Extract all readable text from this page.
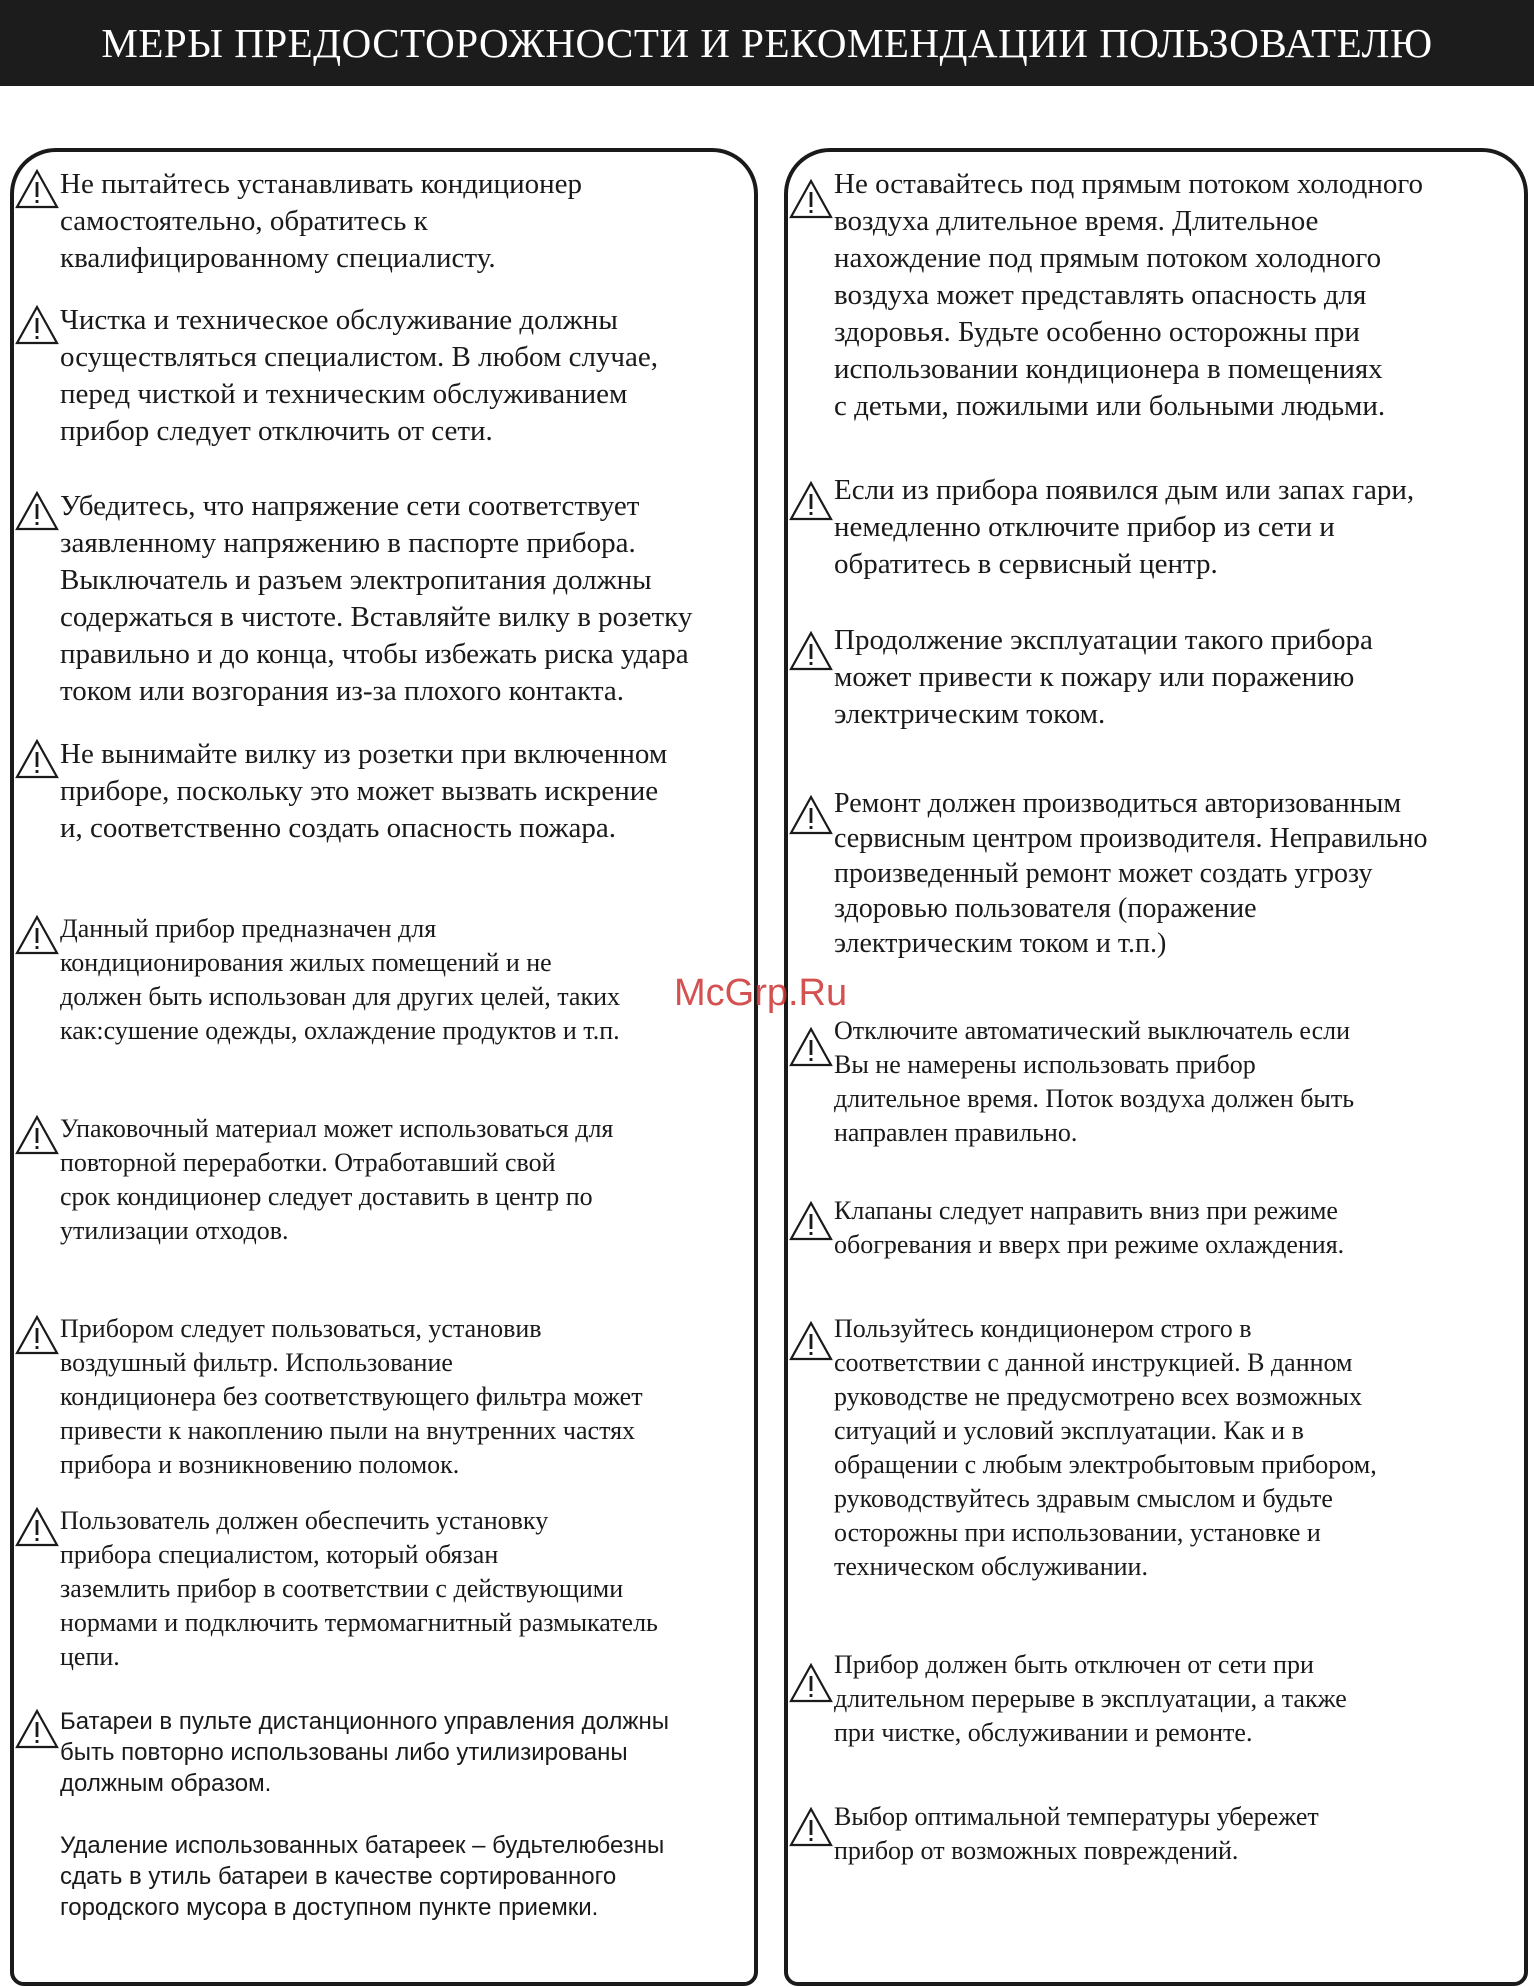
МЕРЫ ПРЕДОСТОРОЖНОСТИ И РЕКОМЕНДАЦИИ ПОЛЬЗОВАТЕЛЮ
Не пытайтесь устанавливать кондиционер
самостоятельно, обратитесь к
квалифицированному специалисту.
Чистка и техническое обслуживание должны
осуществляться специалистом. В любом случае,
перед чисткой и техническим обслуживанием
прибор следует отключить от сети.
Убедитесь, что напряжение сети соответствует
заявленному напряжению в паспорте прибора.
Выключатель и разъем электропитания должны
содержаться в чистоте. Вставляйте вилку в розетку
правильно и до конца, чтобы избежать риска удара
током или возгорания из-за плохого контакта.
Не вынимайте вилку из розетки при включенном
приборе, поскольку это может вызвать искрение
и, соответственно создать опасность пожара.
Данный прибор предназначен для
кондиционирования жилых помещений и не
должен быть использован для других целей, таких
как:сушение одежды, охлаждение продуктов и т.п.
Упаковочный материал может использоваться для
повторной переработки. Отработавший свой
срок кондиционер следует доставить в центр по
утилизации отходов.
Прибором следует пользоваться, установив
воздушный фильтр. Использование
кондиционера без соответствующего фильтра может
привести к накоплению пыли на внутренних частях
прибора и возникновению поломок.
Пользователь должен обеспечить установку
прибора специалистом, который обязан
заземлить прибор в соответствии с действующими
нормами и подключить термомагнитный размыкатель
цепи.
Батареи в пульте дистанционного управления должны
быть повторно использованы либо утилизированы
должным образом.

Удаление использованных батареек – будьтелюбезны
сдать в утиль батареи в качестве сортированного
городского мусора в доступном пункте приемки.
Не оставайтесь под прямым потоком холодного
воздуха длительное время. Длительное
нахождение под прямым потоком холодного
воздуха может представлять опасность для
здоровья. Будьте особенно осторожны при
использовании кондиционера в помещениях
с детьми, пожилыми или больными людьми.
Если из прибора появился дым или запах гари,
немедленно отключите прибор из сети и
обратитесь в сервисный центр.
Продолжение эксплуатации такого прибора
может привести к пожару или поражению
электрическим током.
Ремонт должен производиться авторизованным
сервисным центром производителя. Неправильно
произведенный ремонт может создать угрозу
здоровью пользователя (поражение
электрическим током и т.п.)
Отключите автоматический выключатель если
Вы не намерены использовать прибор
длительное время. Поток воздуха должен быть
направлен правильно.
Клапаны следует направить вниз при режиме
обогревания и вверх при режиме охлаждения.
Пользуйтесь кондиционером строго в
соответствии с данной инструкцией. В данном
руководстве не предусмотрено всех возможных
ситуаций и условий эксплуатации. Как и в
обращении с любым электробытовым прибором,
руководствуйтесь здравым смыслом и будьте
осторожны при использовании, установке и
техническом обслуживании.
Прибор должен быть отключен от сети при
длительном перерыве в эксплуатации, а также
при чистке, обслуживании и ремонте.
Выбор оптимальной температуры убережет
прибор от возможных повреждений.
McGrp.Ru
